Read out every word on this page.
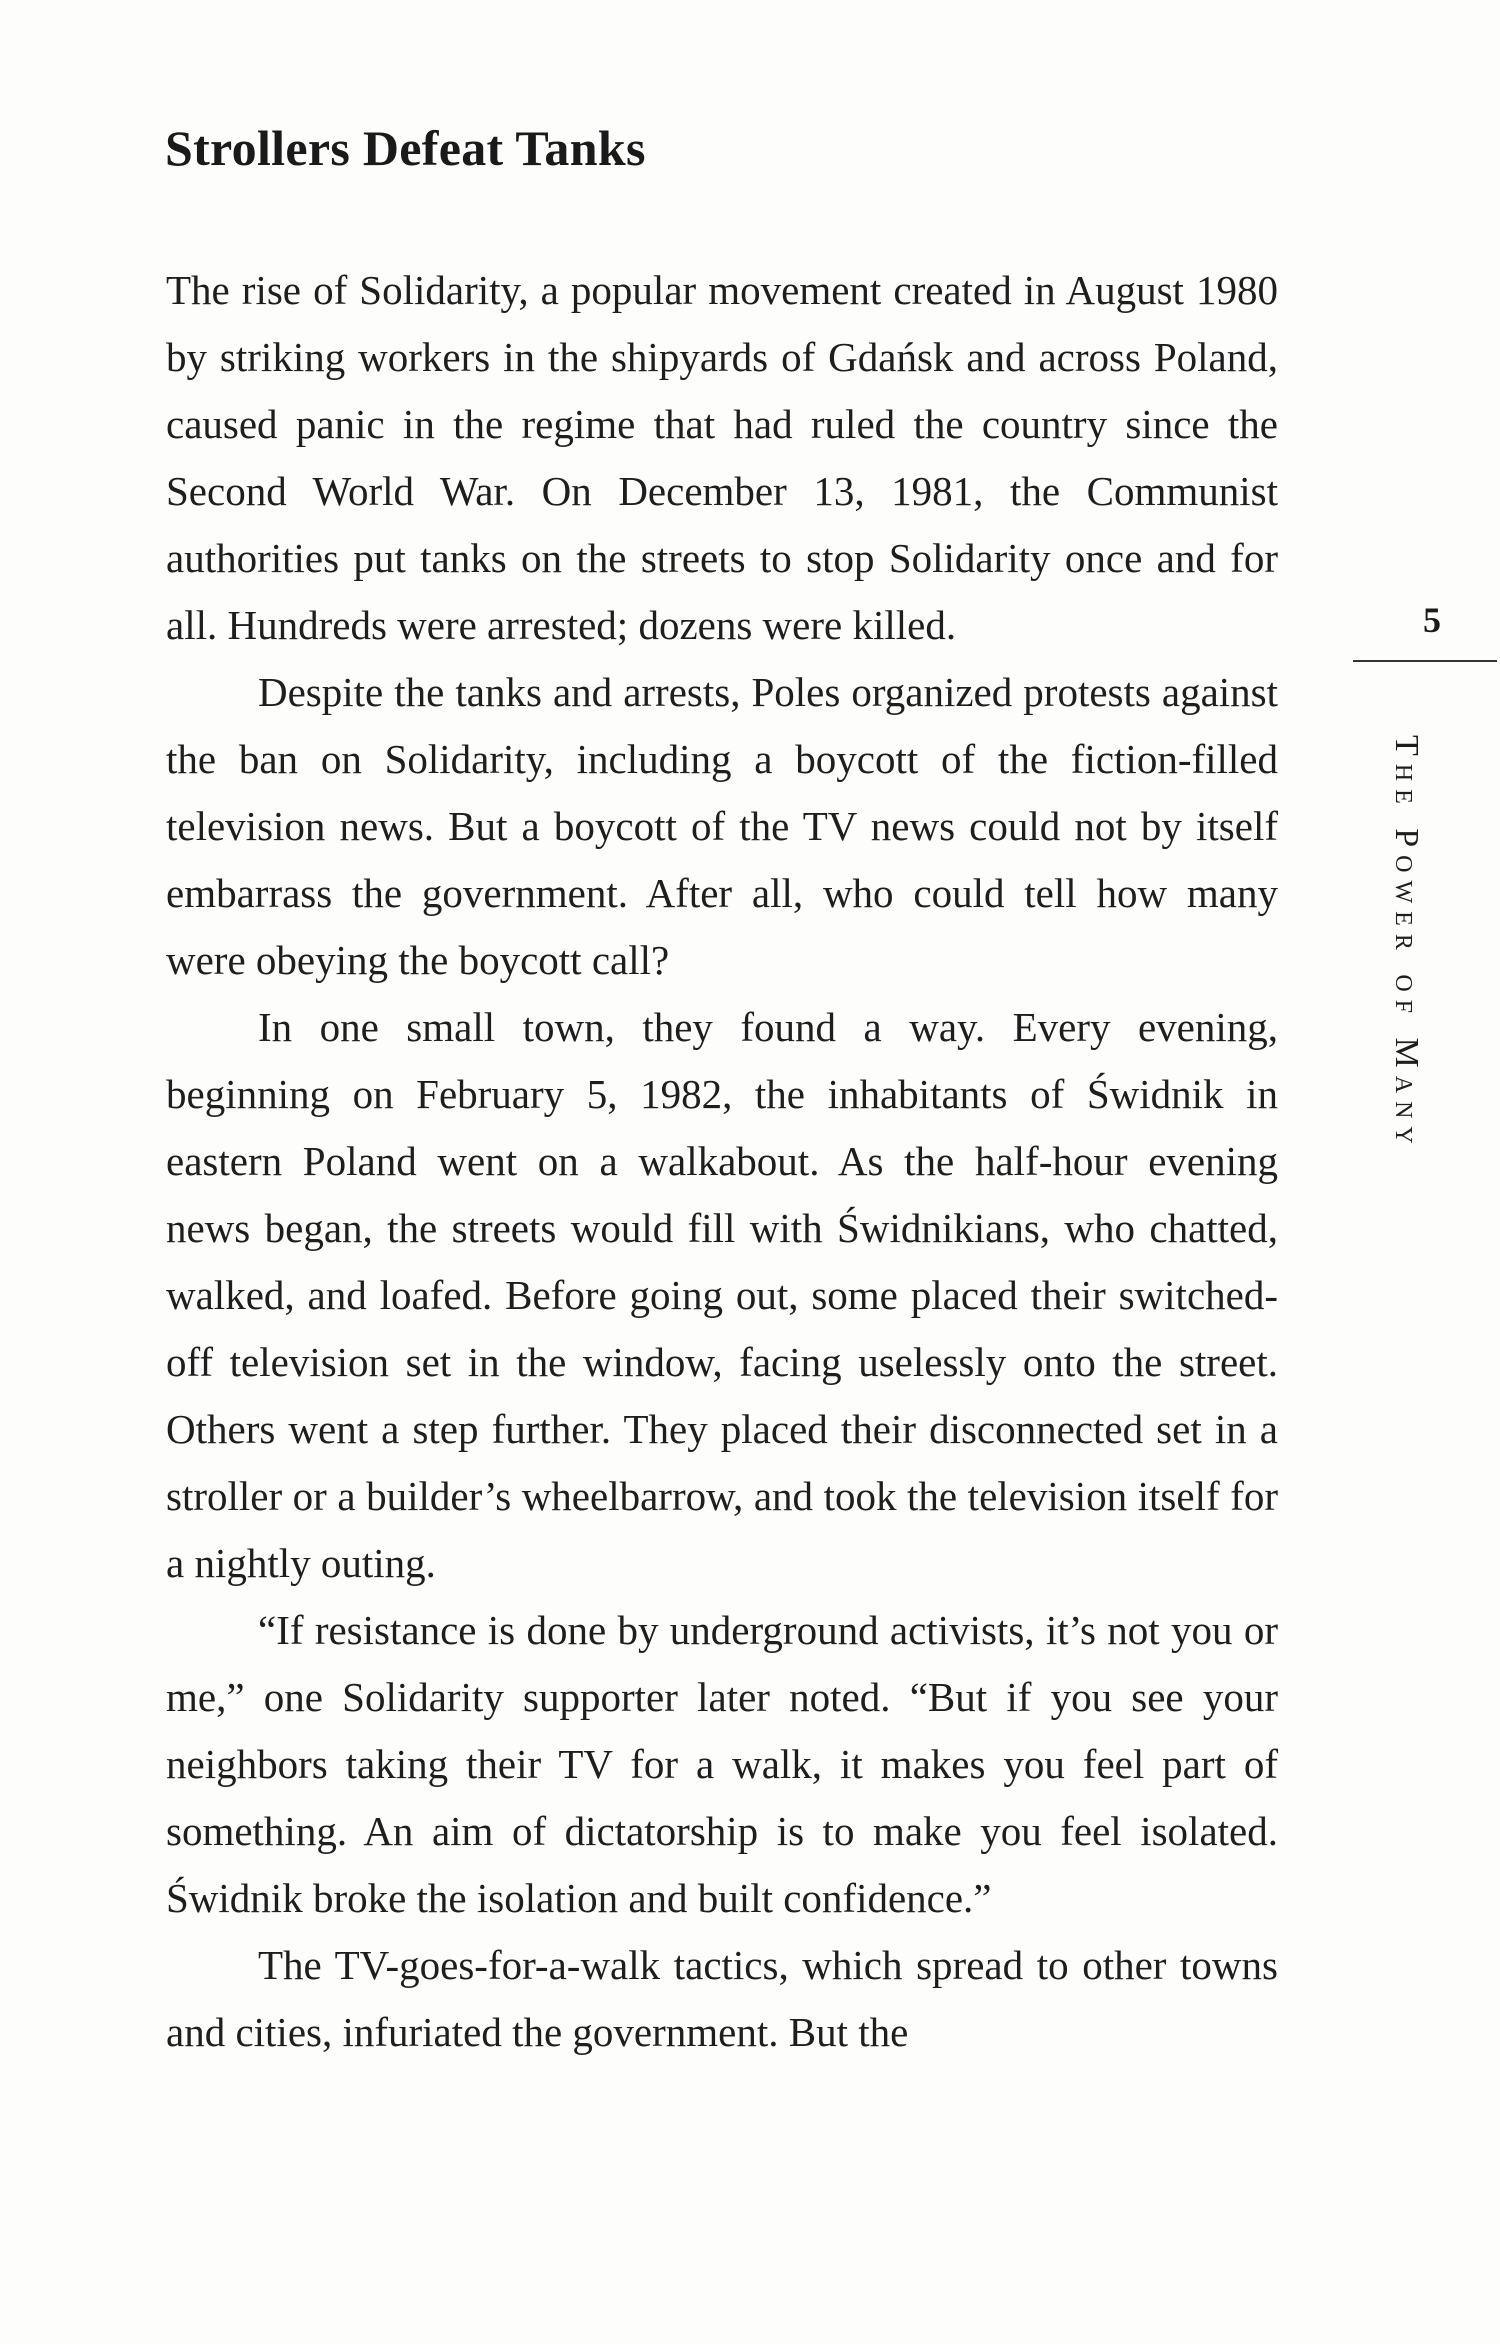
Strollers Defeat Tanks

The rise of Solidarity, a popular movement created in August 1980 by striking workers in the shipyards of Gdańsk and across Poland, caused panic in the regime that had ruled the country since the Second World War. On December 13, 1981, the Communist authorities put tanks on the streets to stop Solidarity once and for all. Hundreds were arrested; dozens were killed.

Despite the tanks and arrests, Poles organized protests against the ban on Solidarity, including a boycott of the fiction-filled television news. But a boycott of the TV news could not by itself embarrass the government. After all, who could tell how many were obeying the boycott call?

In one small town, they found a way. Every evening, beginning on February 5, 1982, the inhabitants of Świdnik in eastern Poland went on a walkabout. As the half-hour evening news began, the streets would fill with Świdnikians, who chatted, walked, and loafed. Before going out, some placed their switched-off television set in the window, facing uselessly onto the street. Others went a step further. They placed their disconnected set in a stroller or a builder’s wheelbarrow, and took the television itself for a nightly outing.

“If resistance is done by underground activists, it’s not you or me,” one Solidarity supporter later noted. “But if you see your neighbors taking their TV for a walk, it makes you feel part of something. An aim of dictatorship is to make you feel isolated. Świdnik broke the isolation and built confidence.”

The TV-goes-for-a-walk tactics, which spread to other towns and cities, infuriated the government. But the

5
The Power of Many
